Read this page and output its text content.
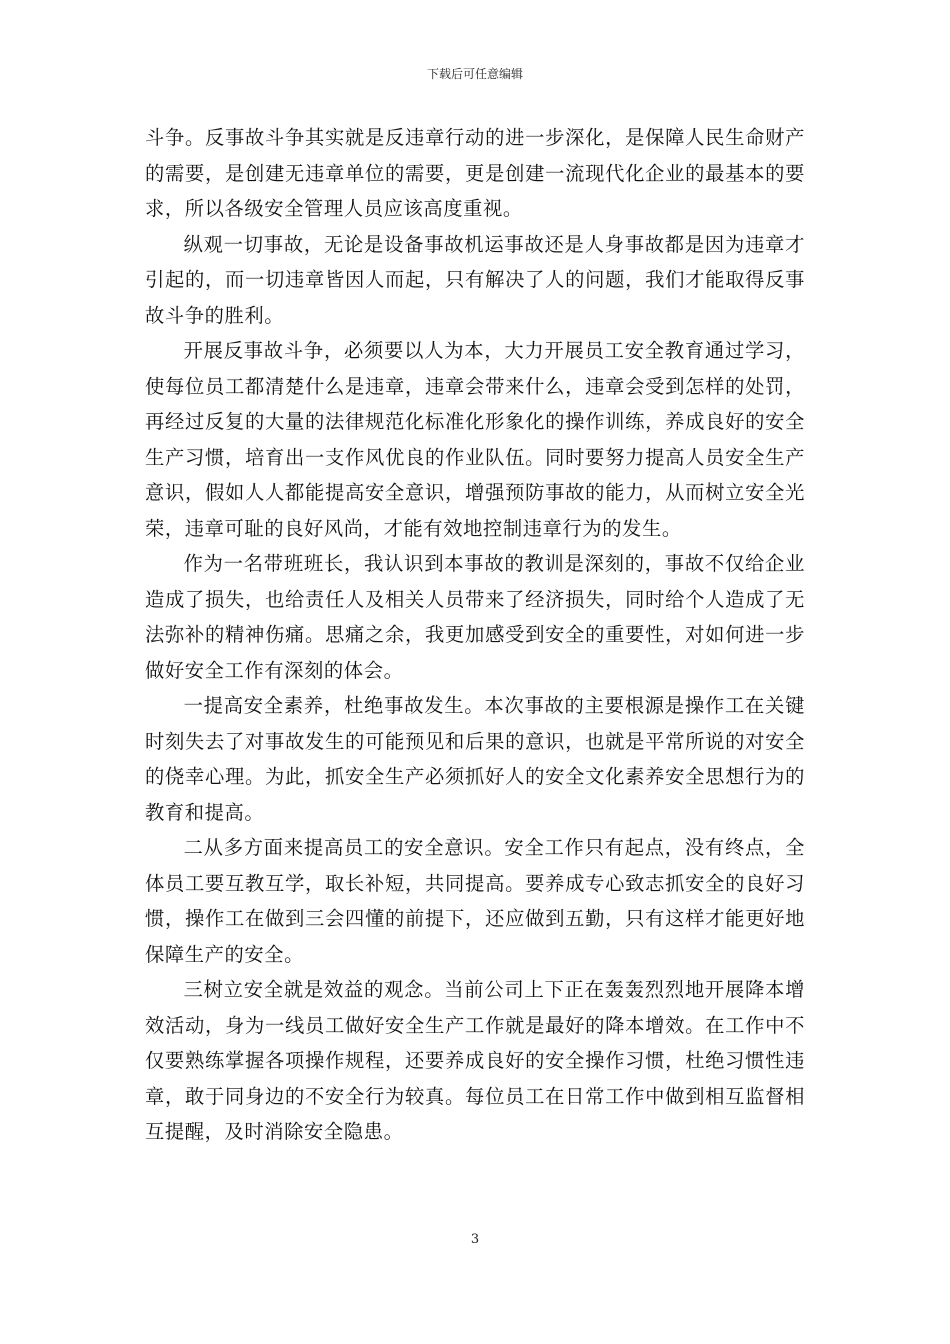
下载后可任意编辑

斗争。反事故斗争其实就是反违章行动的进一步深化，是保障人民生命财产的需要，是创建无违章单位的需要，更是创建一流现代化企业的最基本的要求，所以各级安全管理人员应该高度重视。

纵观一切事故，无论是设备事故机运事故还是人身事故都是因为违章才引起的，而一切违章皆因人而起，只有解决了人的问题，我们才能取得反事故斗争的胜利。

开展反事故斗争，必须要以人为本，大力开展员工安全教育通过学习，使每位员工都清楚什么是违章，违章会带来什么，违章会受到怎样的处罚，再经过反复的大量的法律规范化标准化形象化的操作训练，养成良好的安全生产习惯，培育出一支作风优良的作业队伍。同时要努力提高人员安全生产意识，假如人人都能提高安全意识，增强预防事故的能力，从而树立安全光荣，违章可耻的良好风尚，才能有效地控制违章行为的发生。

作为一名带班班长，我认识到本事故的教训是深刻的，事故不仅给企业造成了损失，也给责任人及相关人员带来了经济损失，同时给个人造成了无法弥补的精神伤痛。思痛之余，我更加感受到安全的重要性，对如何进一步做好安全工作有深刻的体会。

一提高安全素养，杜绝事故发生。本次事故的主要根源是操作工在关键时刻失去了对事故发生的可能预见和后果的意识，也就是平常所说的对安全的侥幸心理。为此，抓安全生产必须抓好人的安全文化素养安全思想行为的教育和提高。

二从多方面来提高员工的安全意识。安全工作只有起点，没有终点，全体员工要互教互学，取长补短，共同提高。要养成专心致志抓安全的良好习惯，操作工在做到三会四懂的前提下，还应做到五勤，只有这样才能更好地保障生产的安全。

三树立安全就是效益的观念。当前公司上下正在轰轰烈烈地开展降本增效活动，身为一线员工做好安全生产工作就是最好的降本增效。在工作中不仅要熟练掌握各项操作规程，还要养成良好的安全操作习惯，杜绝习惯性违章，敢于同身边的不安全行为较真。每位员工在日常工作中做到相互监督相互提醒，及时消除安全隐患。

3
